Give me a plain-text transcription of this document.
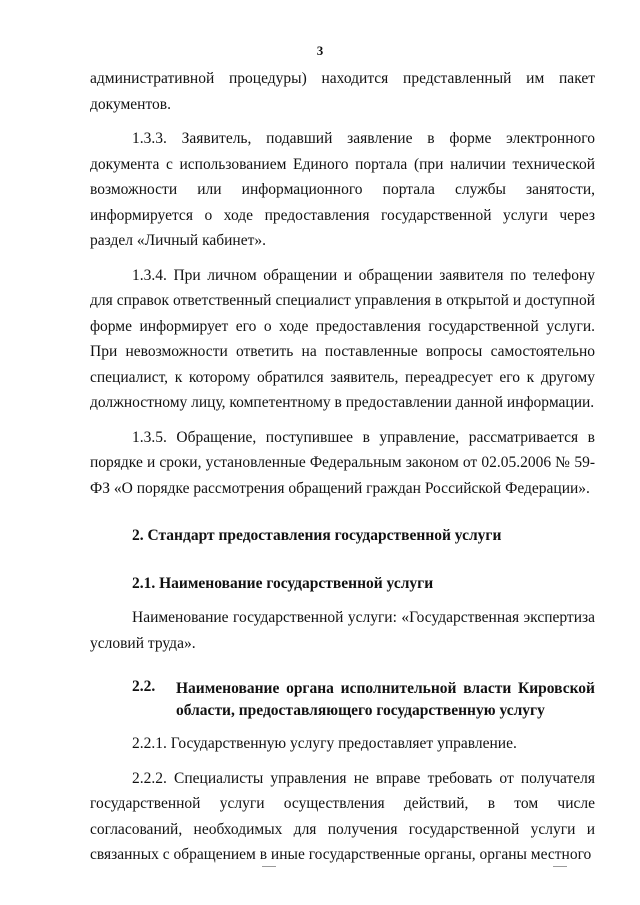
3

административной процедуры) находится представленный им пакет документов.

1.3.3. Заявитель, подавший заявление в форме электронного документа с использованием Единого портала (при наличии технической возможности или информационного портала службы занятости, информируется о ходе предоставления государственной услуги через раздел «Личный кабинет».

1.3.4. При личном обращении и обращении заявителя по телефону для справок ответственный специалист управления в открытой и доступной форме информирует его о ходе предоставления государственной услуги. При невозможности ответить на поставленные вопросы самостоятельно специалист, к которому обратился заявитель, переадресует его к другому должностному лицу, компетентному в предоставлении данной информации.

1.3.5. Обращение, поступившее в управление, рассматривается в порядке и сроки, установленные Федеральным законом от 02.05.2006 № 59-ФЗ «О порядке рассмотрения обращений граждан Российской Федерации».

2. Стандарт предоставления государственной услуги

2.1. Наименование государственной услуги

Наименование государственной услуги: «Государственная экспертиза условий труда».

2.2.	Наименование органа исполнительной власти Кировской области, предоставляющего государственную услугу

2.2.1. Государственную услугу предоставляет управление.

2.2.2. Специалисты управления не вправе требовать от получателя государственной услуги осуществления действий, в том числе согласований, необходимых для получения государственной услуги и связанных с обращением в иные государственные органы, органы местного
